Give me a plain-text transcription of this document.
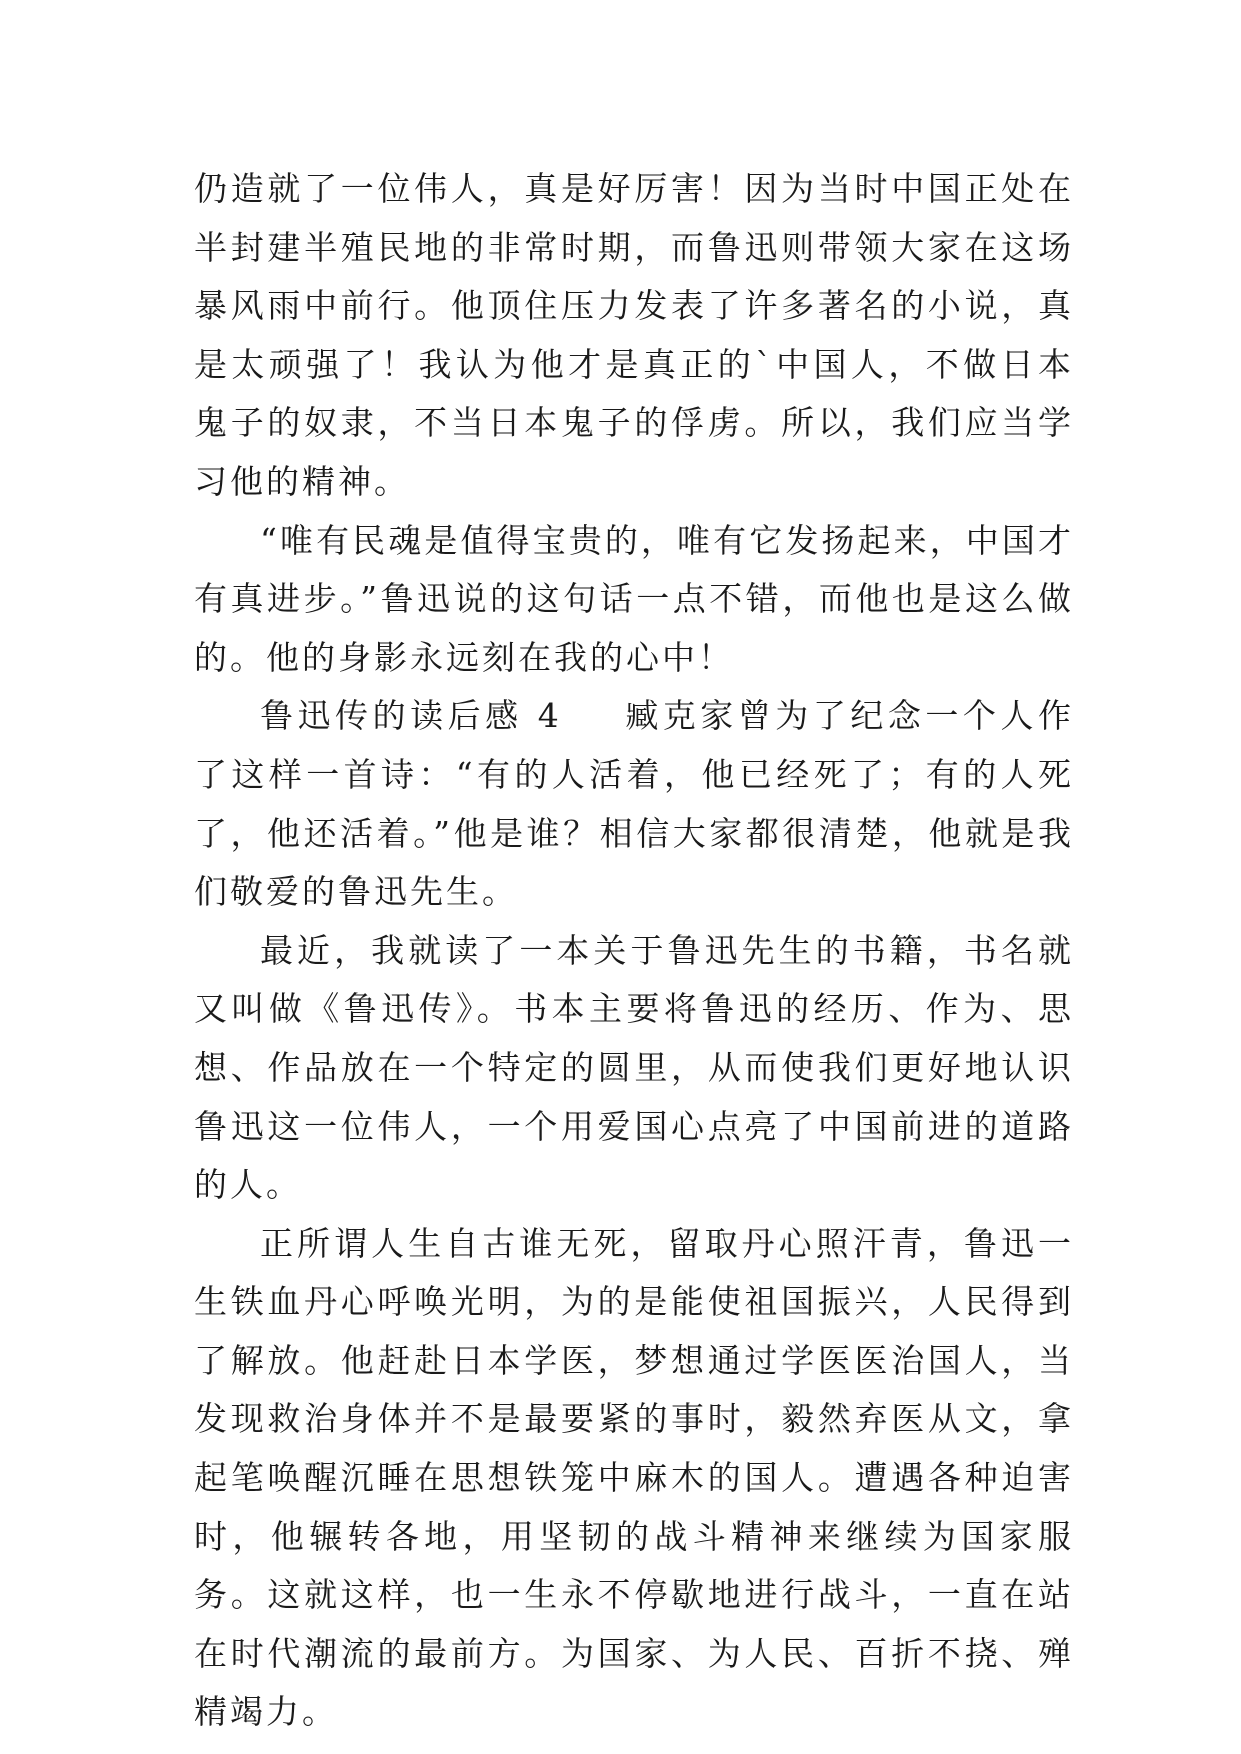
仍造就了一位伟人，真是好厉害！因为当时中国正处在半封建半殖民地的非常时期，而鲁迅则带领大家在这场暴风雨中前行。他顶住压力发表了许多著名的小说，真是太顽强了！我认为他才是真正的`中国人，不做日本鬼子的奴隶，不当日本鬼子的俘虏。所以，我们应当学习他的精神。

“唯有民魂是值得宝贵的，唯有它发扬起来，中国才有真进步。”鲁迅说的这句话一点不错，而他也是这么做的。他的身影永远刻在我的心中！

鲁迅传的读后感 4 臧克家曾为了纪念一个人作了这样一首诗：“有的人活着，他已经死了；有的人死了，他还活着。”他是谁？相信大家都很清楚，他就是我们敬爱的鲁迅先生。

最近，我就读了一本关于鲁迅先生的书籍，书名就又叫做《鲁迅传》。书本主要将鲁迅的经历、作为、思想、作品放在一个特定的圆里，从而使我们更好地认识鲁迅这一位伟人，一个用爱国心点亮了中国前进的道路的人。

正所谓人生自古谁无死，留取丹心照汗青，鲁迅一生铁血丹心呼唤光明，为的是能使祖国振兴，人民得到了解放。他赶赴日本学医，梦想通过学医医治国人，当发现救治身体并不是最要紧的事时，毅然弃医从文，拿起笔唤醒沉睡在思想铁笼中麻木的国人。遭遇各种迫害时，他辗转各地，用坚韧的战斗精神来继续为国家服务。这就这样，也一生永不停歇地进行战斗，一直在站在时代潮流的最前方。为国家、为人民、百折不挠、殚精竭力。
